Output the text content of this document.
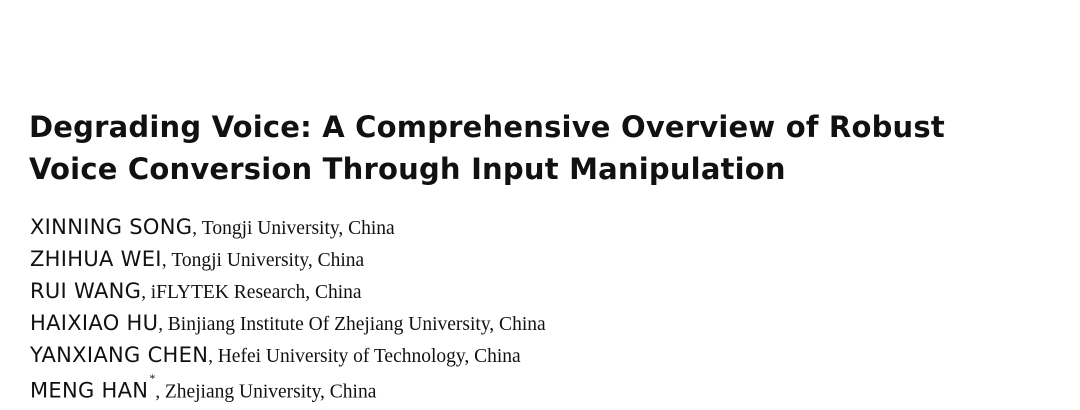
Degrading Voice: A Comprehensive Overview of Robust
Voice Conversion Through Input Manipulation
XINNING SONG, Tongji University, China
ZHIHUA WEI, Tongji University, China
RUI WANG, iFLYTEK Research, China
HAIXIAO HU, Binjiang Institute Of Zhejiang University, China
YANXIANG CHEN, Hefei University of Technology, China
MENG HAN*, Zhejiang University, China
